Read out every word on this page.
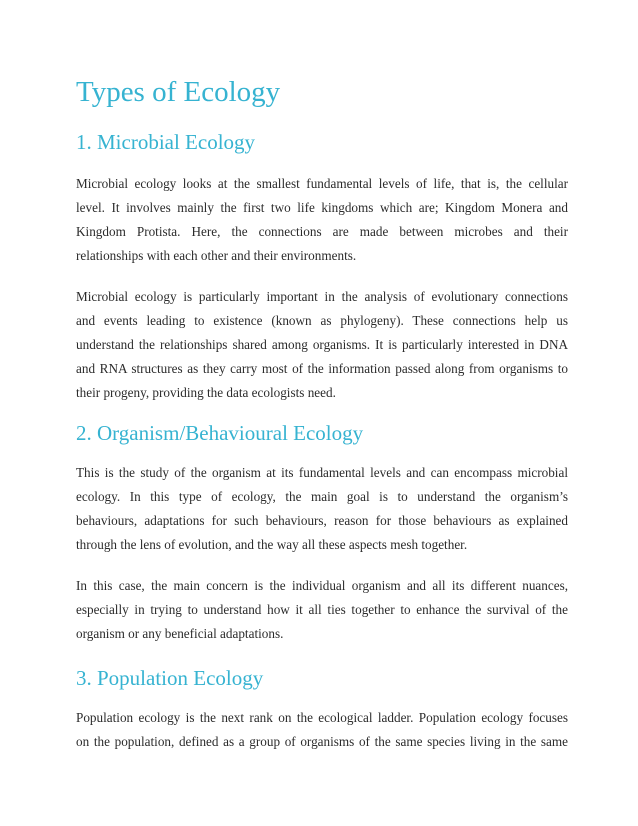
Types of Ecology
1. Microbial Ecology
Microbial ecology looks at the smallest fundamental levels of life, that is, the cellular
level. It involves mainly the first two life kingdoms which are; Kingdom Monera and
Kingdom Protista. Here, the connections are made between microbes and their
relationships with each other and their environments.
Microbial ecology is particularly important in the analysis of evolutionary connections
and events leading to existence (known as phylogeny). These connections help us
understand the relationships shared among organisms. It is particularly interested in DNA
and RNA structures as they carry most of the information passed along from organisms to
their progeny, providing the data ecologists need.
2. Organism/Behavioural Ecology
This is the study of the organism at its fundamental levels and can encompass microbial
ecology. In this type of ecology, the main goal is to understand the organism’s
behaviours, adaptations for such behaviours, reason for those behaviours as explained
through the lens of evolution, and the way all these aspects mesh together.
In this case, the main concern is the individual organism and all its different nuances,
especially in trying to understand how it all ties together to enhance the survival of the
organism or any beneficial adaptations.
3. Population Ecology
Population ecology is the next rank on the ecological ladder. Population ecology focuses
on the population, defined as a group of organisms of the same species living in the same
